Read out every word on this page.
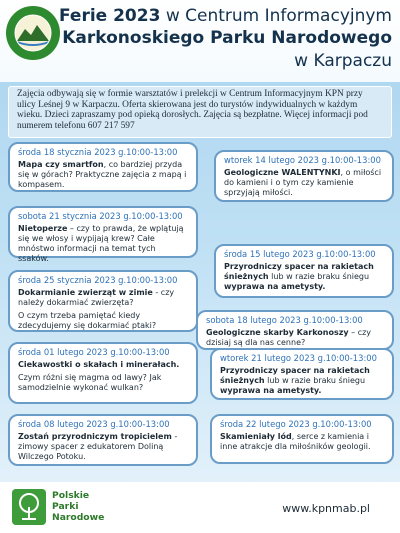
Ferie 2023 w Centrum Informacyjnym
Karkonoskiego Parku Narodowego
w Karpaczu
Zajęcia odbywają się w formie warsztatów i prelekcji w Centrum Informacyjnym KPN przy ulicy Leśnej 9 w Karpaczu. Oferta skierowana jest do turystów indywidualnych w każdym wieku. Dzieci zapraszamy pod opieką dorosłych. Zajęcia są bezpłatne. Więcej informacji pod numerem telefonu 607 217 597
środa 18 stycznia 2023 g.10:00-13:00
Mapa czy smartfon, co bardziej przyda się w górach? Praktyczne zajęcia z mapą i kompasem.
sobota 21 stycznia 2023 g.10:00-13:00
Nietoperze – czy to prawda, że wplątują się we włosy i wypijają krew? Całe mnóstwo informacji na temat tych ssaków.
środa 25 stycznia 2023 g.10:00-13:00

Dokarmianie zwierząt w zimie - czy należy dokarmiać zwierzęta?

O czym trzeba pamiętać kiedy zdecydujemy się dokarmiać ptaki?

środa 01 lutego 2023 g.10:00-13:00

Ciekawostki o skałach i minerałach.

Czym różni się magma od lawy? Jak samodzielnie wykonać wulkan?

środa 08 lutego 2023 g.10:00-13:00
Zostań przyrodniczym tropicielem - zimowy spacer z edukatorem Doliną Wilczego Potoku.
wtorek 14 lutego 2023 g.10:00-13:00
Geologiczne WALENTYNKI, o miłości do kamieni i o tym czy kamienie sprzyjają miłości.
środa 15 lutego 2023 g.10:00-13:00
Przyrodniczy spacer na rakietach śnieżnych lub w razie braku śniegu wyprawa na ametysty.
sobota 18 lutego 2023 g.10:00-13:00
Geologiczne skarby Karkonoszy – czy dzisiaj są dla nas cenne?
wtorek 21 lutego 2023 g.10:00-13:00
Przyrodniczy spacer na rakietach śnieżnych lub w razie braku śniegu wyprawa na ametysty.
środa 22 lutego 2023 g.10:00-13:00
Skamieniały lód, serce z kamienia i inne atrakcje dla miłośników geologii.
Polskie
Parki
Narodowe
www.kpnmab.pl
